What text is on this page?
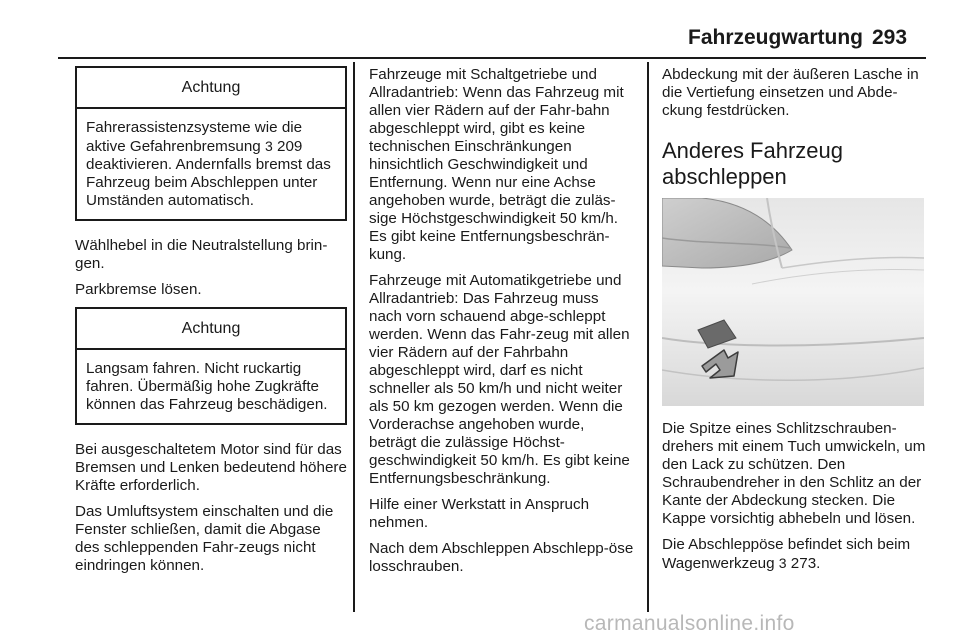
Fahrzeugwartung 293
Achtung
Fahrerassistenzsysteme wie die aktive Gefahrenbremsung 3 209 deaktivieren. Andernfalls bremst das Fahrzeug beim Abschleppen unter Umständen automatisch.

Wählhebel in die Neutralstellung brin-gen.

Parkbremse lösen.

Achtung
Langsam fahren. Nicht ruckartig fahren. Übermäßig hohe Zugkräfte können das Fahrzeug beschädigen.

Bei ausgeschaltetem Motor sind für das Bremsen und Lenken bedeutend höhere Kräfte erforderlich.

Das Umluftsystem einschalten und die Fenster schließen, damit die Abgase des schleppenden Fahr-zeugs nicht eindringen können.

Fahrzeuge mit Schaltgetriebe und Allradantrieb: Wenn das Fahrzeug mit allen vier Rädern auf der Fahr-bahn abgeschleppt wird, gibt es keine technischen Einschränkungen hinsichtlich Geschwindigkeit und Entfernung. Wenn nur eine Achse angehoben wurde, beträgt die zuläs-sige Höchstgeschwindigkeit 50 km/h. Es gibt keine Entfernungsbeschrän-kung.

Fahrzeuge mit Automatikgetriebe und Allradantrieb: Das Fahrzeug muss nach vorn schauend abge-schleppt werden. Wenn das Fahr-zeug mit allen vier Rädern auf der Fahrbahn abgeschleppt wird, darf es nicht schneller als 50 km/h und nicht weiter als 50 km gezogen werden. Wenn die Vorderachse angehoben wurde, beträgt die zulässige Höchst-geschwindigkeit 50 km/h. Es gibt keine Entfernungsbeschränkung.

Hilfe einer Werkstatt in Anspruch nehmen.

Nach dem Abschleppen Abschlepp-öse losschrauben.

Abdeckung mit der äußeren Lasche in die Vertiefung einsetzen und Abde-ckung festdrücken.

Anderes Fahrzeug abschleppen

Die Spitze eines Schlitzschrauben-drehers mit einem Tuch umwickeln, um den Lack zu schützen. Den Schraubendreher in den Schlitz an der Kante der Abdeckung stecken. Die Kappe vorsichtig abhebeln und lösen.

Die Abschleppöse befindet sich beim Wagenwerkzeug 3 273.

carmanualsonline.info
